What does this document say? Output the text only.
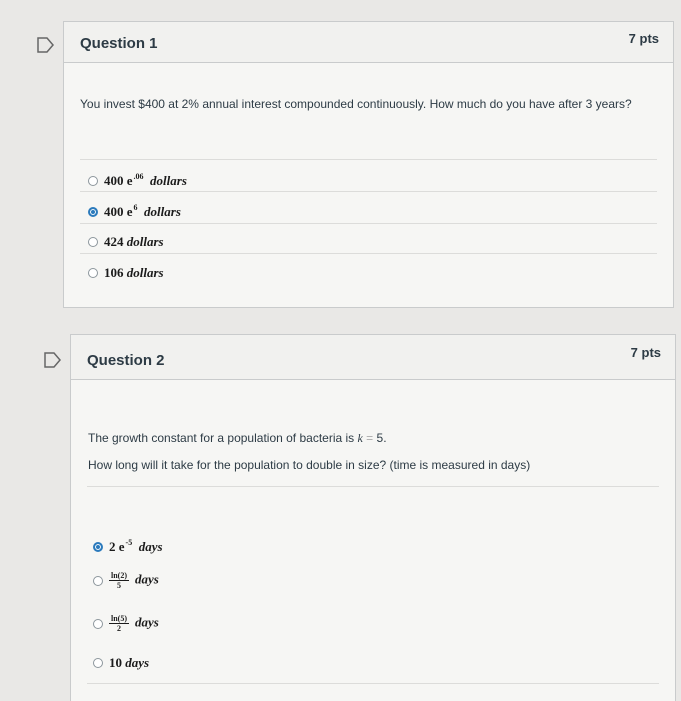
Question 1	7 pts
You invest $400 at 2% annual interest compounded continuously. How much do you have after 3 years?
400 $e^{.06}$ dollars
400 $e^6$ dollars
424 dollars
106 dollars
Question 2	7 pts
The growth constant for a population of bacteria is k = 5.
How long will it take for the population to double in size? (time is measured in days)
2 $e^{-5}$ days
$\frac{\ln(2)}{5}$ days
$\frac{\ln(5)}{2}$ days
10 days
